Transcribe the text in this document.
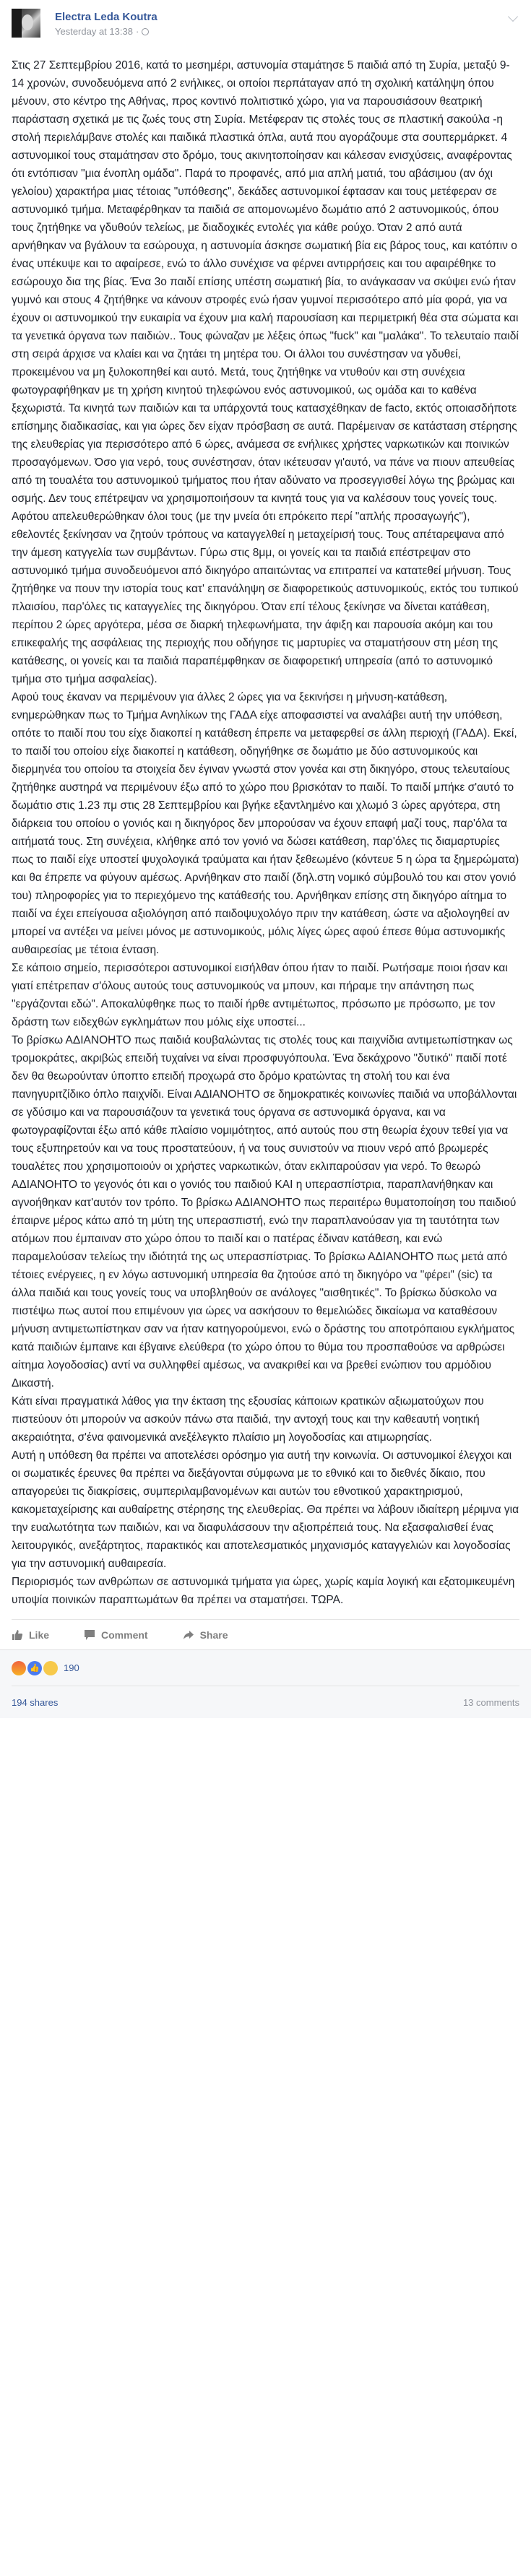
Electra Leda Koutra
Yesterday at 13:38 ·

Στις 27 Σεπτεμβρίου 2016, κατά το μεσημέρι, αστυνομία σταμάτησε 5 παιδιά από τη Συρία, μεταξύ 9-14 χρονών, συνοδευόμενα από 2 ενήλικες, οι οποίοι περπάταγαν από τη σχολική κατάληψη όπου μένουν, στο κέντρο της Αθήνας, προς κοντινό πολιτιστικό χώρο, για να παρουσιάσουν θεατρική παράσταση σχετικά με τις ζωές τους στη Συρία. Μετέφεραν τις στολές τους σε πλαστική σακούλα -η στολή περιελάμβανε στολές και παιδικά πλαστικά όπλα, αυτά που αγοράζουμε στα σουπερμάρκετ. 4 αστυνομικοί τους σταμάτησαν στο δρόμο, τους ακινητοποίησαν και κάλεσαν ενισχύσεις, αναφέροντας ότι εντόπισαν "μια ένοπλη ομάδα". Παρά το προφανές, από μια απλή ματιά, του αβάσιμου (αν όχι γελοίου) χαρακτήρα μιας τέτοιας "υπόθεσης", δεκάδες αστυνομικοί έφτασαν και τους μετέφεραν σε αστυνομικό τμήμα. Μεταφέρθηκαν τα παιδιά σε απομονωμένο δωμάτιο από 2 αστυνομικούς, όπου τους ζητήθηκε να γδυθούν τελείως, με διαδοχικές εντολές για κάθε ρούχο. Όταν 2 από αυτά αρνήθηκαν να βγάλουν τα εσώρουχα, η αστυνομία άσκησε σωματική βία εις βάρος τους, και κατόπιν ο ένας υπέκυψε και το αφαίρεσε, ενώ το άλλο συνέχισε να φέρνει αντιρρήσεις και του αφαιρέθηκε το εσώρουχο δια της βίας. Ένα 3ο παιδί επίσης υπέστη σωματική βία, το ανάγκασαν να σκύψει ενώ ήταν γυμνό και στους 4 ζητήθηκε να κάνουν στροφές ενώ ήσαν γυμνοί περισσότερο από μία φορά, για να έχουν οι αστυνομικού την ευκαιρία να έχουν μια καλή παρουσίαση και περιμετρική θέα στα σώματα και τα γενετικά όργανα των παιδιών.. Τους φώναζαν με λέξεις όπως "fuck" και "μαλάκα". Το τελευταίο παιδί στη σειρά άρχισε να κλαίει και να ζητάει τη μητέρα του. Οι άλλοι του συνέστησαν να γδυθεί, προκειμένου να μη ξυλοκοπηθεί και αυτό. Μετά, τους ζητήθηκε να ντυθούν και στη συνέχεια φωτογραφήθηκαν με τη χρήση κινητού τηλεφώνου ενός αστυνομικού, ως ομάδα και το καθένα ξεχωριστά. Τα κινητά των παιδιών και τα υπάρχοντά τους κατασχέθηκαν de facto, εκτός οποιασδήποτε επίσημης διαδικασίας, και για ώρες δεν είχαν πρόσβαση σε αυτά. Παρέμειναν σε κατάσταση στέρησης της ελευθερίας για περισσότερο από 6 ώρες, ανάμεσα σε ενήλικες χρήστες ναρκωτικών και ποινικών προσαγόμενων. Όσο για νερό, τους συνέστησαν, όταν ικέτευσαν γι'αυτό, να πάνε να πιουν απευθείας από τη τουαλέτα του αστυνομικού τμήματος που ήταν αδύνατο να προσεγγισθεί λόγω της βρώμας και οσμής. Δεν τους επέτρεψαν να χρησιμοποιήσουν τα κινητά τους για να καλέσουν τους γονείς τους.

Αφότου απελευθερώθηκαν όλοι τους (με την μνεία ότι επρόκειτο περί "απλής προσαγωγής"), εθελοντές ξεκίνησαν να ζητούν τρόπους να καταγγελθεί η μεταχείρισή τους. Τους απέταρεψανα από την άμεση κατγγελία των συμβάντων. Γύρω στις 8μμ, οι γονείς και τα παιδιά επέστρεψαν στο αστυνομικό τμήμα συνοδευόμενοι από δικηγόρο απαιτώντας να επιτραπεί να κατατεθεί μήνυση. Τους ζητήθηκε να πουν την ιστορία τους κατ' επανάληψη σε διαφορετικούς αστυνομικούς, εκτός του τυπικού πλαισίου, παρ'όλες τις καταγγελίες της δικηγόρου. Όταν επί τέλους ξεκίνησε να δίνεται κατάθεση, περίπου 2 ώρες αργότερα, μέσα σε διαρκή τηλεφωνήματα, την άφιξη και παρουσία ακόμη και του επικεφαλής της ασφάλειας της περιοχής που οδήγησε τις μαρτυρίες να σταματήσουν στη μέση της κατάθεσης, οι γονείς και τα παιδιά παραπέμφθηκαν σε διαφορετική υπηρεσία (από το αστυνομικό τμήμα στο τμήμα ασφαλείας).

Αφού τους έκαναν να περιμένουν για άλλες 2 ώρες για να ξεκινήσει η μήνυση-κατάθεση, ενημερώθηκαν πως το Τμήμα Ανηλίκων της ΓΑΔΑ είχε αποφασιστεί να αναλάβει αυτή την υπόθεση, οπότε το παιδί που του είχε διακοπεί η κατάθεση έπρεπε να μεταφερθεί σε άλλη περιοχή (ΓΑΔΑ). Εκεί, το παιδί του οποίου είχε διακοπεί η κατάθεση, οδηγήθηκε σε δωμάτιο με δύο αστυνομικούς και διερμηνέα του οποίου τα στοιχεία δεν έγιναν γνωστά στον γονέα και στη δικηγόρο, στους τελευταίους ζητήθηκε αυστηρά να περιμένουν έξω από το χώρο που βρισκόταν το παιδί. Το παιδί μπήκε σ'αυτό το δωμάτιο στις 1.23 πμ στις 28 Σεπτεμβρίου και βγήκε εξαντλημένο και χλωμό 3 ώρες αργότερα, στη διάρκεια του οποίου ο γονιός και η δικηγόρος δεν μπορούσαν να έχουν επαφή μαζί τους, παρ'όλα τα αιτήματά τους. Στη συνέχεια, κλήθηκε από τον γονιό να δώσει κατάθεση, παρ'όλες τις διαμαρτυρίες πως το παιδί είχε υποστεί ψυχολογικά τραύματα και ήταν ξεθεωμένο (κόντευε 5 η ώρα τα ξημερώματα) και θα έπρεπε να φύγουν αμέσως. Αρνήθηκαν στο παιδί (δηλ.στη νομικό σύμβουλό του και στον γονιό του) πληροφορίες για το περιεχόμενο της κατάθεσής του. Αρνήθηκαν επίσης στη δικηγόρο αίτημα το παιδί να έχει επείγουσα αξιολόγηση από παιδοψυχολόγο πριν την κατάθεση, ώστε να αξιολογηθεί αν μπορεί να αντέξει να μείνει μόνος με αστυνομικούς, μόλις λίγες ώρες αφού έπεσε θύμα αστυνομικής αυθαιρεσίας με τέτοια ένταση.

Σε κάποιο σημείο, περισσότεροι αστυνομικοί εισήλθαν όπου ήταν το παιδί. Ρωτήσαμε ποιοι ήσαν και γιατί επέτρεπαν σ'όλους αυτούς τους αστυνομικούς να μπουν, και πήραμε την απάντηση πως "εργάζονται εδώ". Αποκαλύφθηκε πως το παιδί ήρθε αντιμέτωπος, πρόσωπο με πρόσωπο, με τον δράστη των ειδεχθών εγκλημάτων που μόλις είχε υποστεί...

Το βρίσκω ΑΔΙΑΝΟΗΤΟ πως παιδιά κουβαλώντας τις στολές τους και παιχνίδια αντιμετωπίστηκαν ως τρομοκράτες, ακριβώς επειδή τυχαίνει να είναι προσφυγόπουλα. Ένα δεκάχρονο "δυτικό" παιδί ποτέ δεν θα θεωρούνταν ύποπτο επειδή προχωρά στο δρόμο κρατώντας τη στολή του και ένα πανηγυριτζίδικο όπλο παιχνίδι. Είναι ΑΔΙΑΝΟΗΤΟ σε δημοκρατικές κοινωνίες παιδιά να υποβάλλονται σε γδύσιμο και να παρουσιάζουν τα γενετικά τους όργανα σε αστυνομικά όργανα, και να φωτογραφίζονται έξω από κάθε πλαίσιο νομιμότητος, από αυτούς που στη θεωρία έχουν τεθεί για να τους εξυπηρετούν και να τους προστατεύουν, ή να τους συνιστούν να πιουν νερό από βρωμερές τουαλέτες που χρησιμοποιούν οι χρήστες ναρκωτικών, όταν εκλιπαρούσαν για νερό. Το θεωρώ ΑΔΙΑΝΟΗΤΟ το γεγονός ότι και ο γονιός του παιδιού ΚΑΙ η υπερασπίστρια, παραπλανήθηκαν και αγνοήθηκαν κατ'αυτόν τον τρόπο. Το βρίσκω ΑΔΙΑΝΟΗΤΟ πως περαιτέρω θυματοποίηση του παιδιού έπαιρνε μέρος κάτω από τη μύτη της υπερασπιστή, ενώ την παραπλανούσαν για τη ταυτότητα των ατόμων που έμπαιναν στο χώρο όπου το παιδί και ο πατέρας έδιναν κατάθεση, και ενώ παραμελούσαν τελείως την ιδιότητά της ως υπερασπίστριας. Το βρίσκω ΑΔΙΑΝΟΗΤΟ πως μετά από τέτοιες ενέργειες, η εν λόγω αστυνομική υπηρεσία θα ζητούσε από τη δικηγόρο να "φέρει" (sic) τα άλλα παιδιά και τους γονείς τους να υποβληθούν σε ανάλογες "αισθητικές". Το βρίσκω δύσκολο να πιστέψω πως αυτοί που επιμένουν για ώρες να ασκήσουν το θεμελιώδες δικαίωμα να καταθέσουν μήνυση αντιμετωπίστηκαν σαν να ήταν κατηγορούμενοι, ενώ ο δράστης του αποτρόπαιου εγκλήματος κατά παιδιών έμπαινε και έβγαινε ελεύθερα (το χώρο όπου το θύμα του προσπαθούσε να αρθρώσει αίτημα λογοδοσίας) αντί να συλληφθεί αμέσως, να ανακριθεί και να βρεθεί ενώπιον του αρμόδιου Δικαστή.

Κάτι είναι πραγματικά λάθος για την έκταση της εξουσίας κάποιων κρατικών αξιωματούχων που πιστεύουν ότι μπορούν να ασκούν πάνω στα παιδιά, την αντοχή τους και την καθεαυτή νοητική ακεραιότητα, σ'ένα φαινομενικά ανεξέλεγκτο πλαίσιο μη λογοδοσίας και ατιμωρησίας.

Αυτή η υπόθεση θα πρέπει να αποτελέσει ορόσημο για αυτή την κοινωνία. Οι αστυνομικοί έλεγχοι και οι σωματικές έρευνες θα πρέπει να διεξάγονται σύμφωνα με το εθνικό και το διεθνές δίκαιο, που απαγορεύει τις διακρίσεις, συμπεριλαμβανομένων και αυτών του εθνοτικού χαρακτηρισμού, κακομεταχείρισης και αυθαίρετης στέρησης της ελευθερίας. Θα πρέπει να λάβουν ιδιαίτερη μέριμνα για την ευαλωτότητα των παιδιών, και να διαφυλάσσουν την αξιοπρέπειά τους. Να εξασφαλισθεί ένας λειτουργικός, ανεξάρτητος, παρακτικός και αποτελεσματικός μηχανισμός καταγγελιών και λογοδοσίας για την αστυνομική αυθαιρεσία.

Περιορισμός των ανθρώπων σε αστυνομικά τμήματα για ώρες, χωρίς καμία λογική και εξατομικευμένη υποψία ποινικών παραπτωμάτων θα πρέπει να σταματήσει. ΤΩΡΑ.

Like	Comment	Share
👍	190
194 shares	13 comments
